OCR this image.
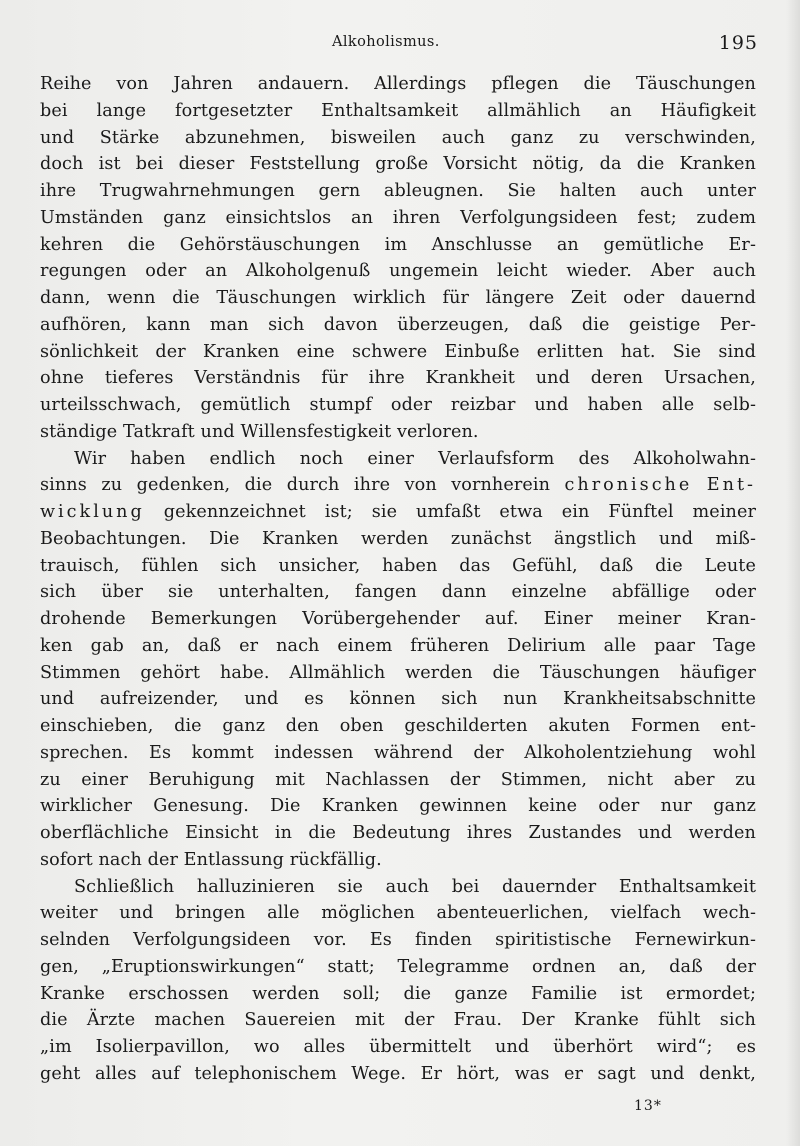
Alkoholismus.	195
Reihe von Jahren andauern. Allerdings pflegen die Täuschungen
bei lange fortgesetzter Enthaltsamkeit allmählich an Häufigkeit
und Stärke abzunehmen, bisweilen auch ganz zu verschwinden,
doch ist bei dieser Feststellung große Vorsicht nötig, da die Kranken
ihre Trugwahrnehmungen gern ableugnen. Sie halten auch unter
Umständen ganz einsichtslos an ihren Verfolgungsideen fest; zudem
kehren die Gehörstäuschungen im Anschlusse an gemütliche Er-
regungen oder an Alkoholgenuß ungemein leicht wieder. Aber auch
dann, wenn die Täuschungen wirklich für längere Zeit oder dauernd
aufhören, kann man sich davon überzeugen, daß die geistige Per-
sönlichkeit der Kranken eine schwere Einbuße erlitten hat. Sie sind
ohne tieferes Verständnis für ihre Krankheit und deren Ursachen,
urteilsschwach, gemütlich stumpf oder reizbar und haben alle selb-
ständige Tatkraft und Willensfestigkeit verloren.
Wir haben endlich noch einer Verlaufsform des Alkoholwahn-
sinns zu gedenken, die durch ihre von vornherein chronische Ent-
wicklung gekennzeichnet ist; sie umfaßt etwa ein Fünftel meiner
Beobachtungen. Die Kranken werden zunächst ängstlich und miß-
trauisch, fühlen sich unsicher, haben das Gefühl, daß die Leute
sich über sie unterhalten, fangen dann einzelne abfällige oder
drohende Bemerkungen Vorübergehender auf. Einer meiner Kran-
ken gab an, daß er nach einem früheren Delirium alle paar Tage
Stimmen gehört habe. Allmählich werden die Täuschungen häufiger
und aufreizender, und es können sich nun Krankheitsabschnitte
einschieben, die ganz den oben geschilderten akuten Formen ent-
sprechen. Es kommt indessen während der Alkoholentziehung wohl
zu einer Beruhigung mit Nachlassen der Stimmen, nicht aber zu
wirklicher Genesung. Die Kranken gewinnen keine oder nur ganz
oberflächliche Einsicht in die Bedeutung ihres Zustandes und werden
sofort nach der Entlassung rückfällig.
Schließlich halluzinieren sie auch bei dauernder Enthaltsamkeit
weiter und bringen alle möglichen abenteuerlichen, vielfach wech-
selnden Verfolgungsideen vor. Es finden spiritistische Fernewirkun-
gen, „Eruptionswirkungen“ statt; Telegramme ordnen an, daß der
Kranke erschossen werden soll; die ganze Familie ist ermordet;
die Ärzte machen Sauereien mit der Frau. Der Kranke fühlt sich
„im Isolierpavillon, wo alles übermittelt und überhört wird“; es
geht alles auf telephonischem Wege. Er hört, was er sagt und denkt,
13*
